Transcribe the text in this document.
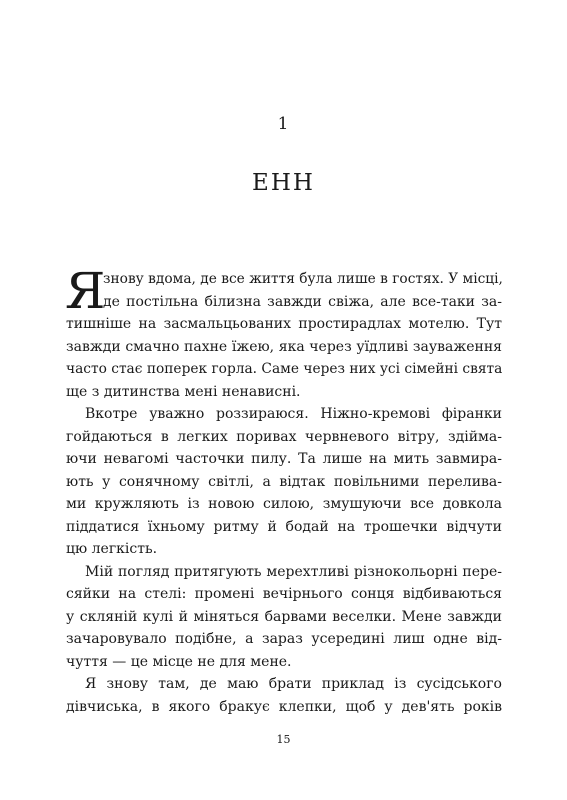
1
ЕНН
Я
знову вдома, де все життя була лише в гостях. У місці,
де постільна білизна завжди свіжа, але все-таки за-
тишніше на засмальцьованих простирадлах мотелю. Тут
завжди смачно пахне їжею, яка через уїдливі зауваження
часто стає поперек горла. Саме через них усі сімейні свята
ще з дитинства мені ненависні.
Вкотре уважно роззираюся. Ніжно-кремові фіранки
гойдаються в легких поривах червневого вітру, здійма-
ючи невагомі часточки пилу. Та лише на мить завмира-
ють у сонячному світлі, а відтак повільними перелива-
ми кружляють із новою силою, змушуючи все довкола
піддатися їхньому ритму й бодай на трошечки відчути
цю легкість.
Мій погляд притягують мерехтливі різнокольорні пере-
сяйки на стелі: промені вечірнього сонця відбиваються
у скляній кулі й міняться барвами веселки. Мене завжди
зачаровувало подібне, а зараз усередині лиш одне від-
чуття — це місце не для мене.
Я знову там, де маю брати приклад із сусідського
дівчиська, в якого бракує клепки, щоб у дев'ять років
15
